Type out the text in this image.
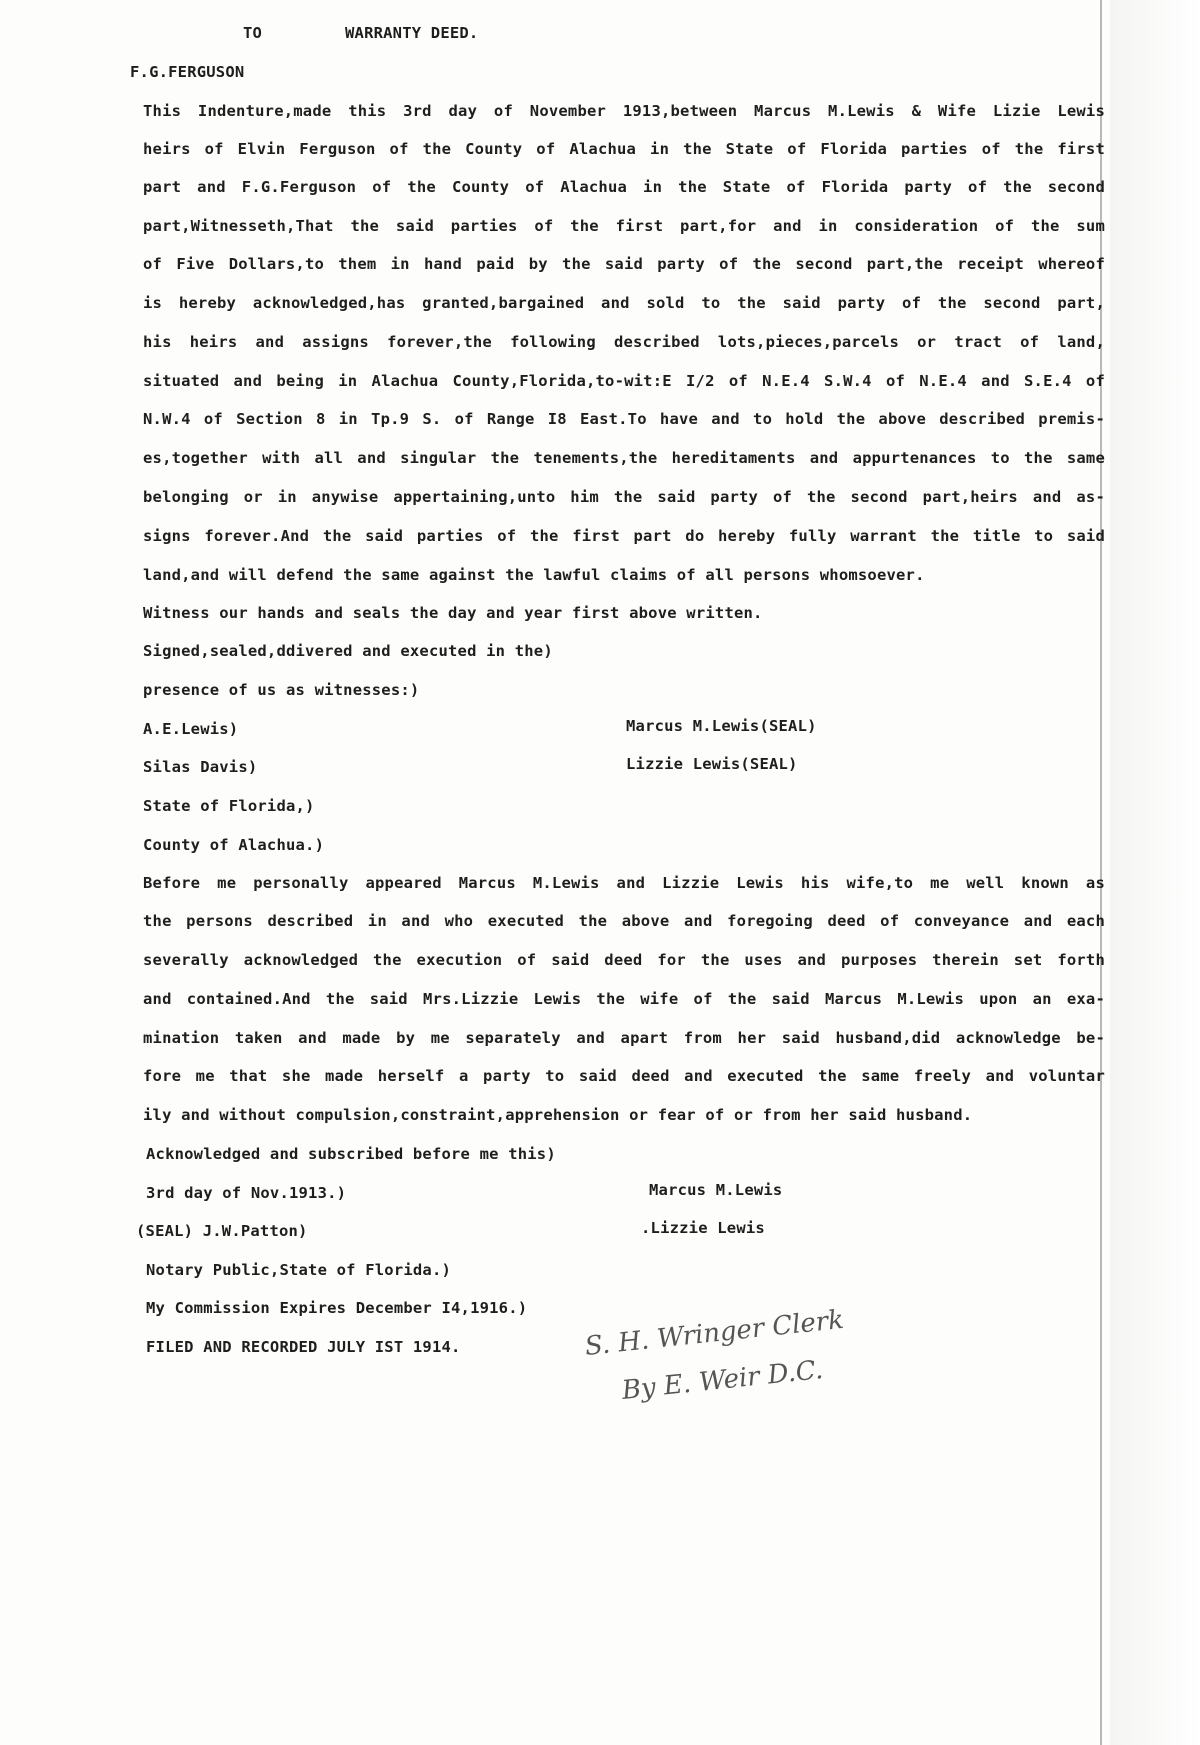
TO	WARRANTY DEED.
F.G.FERGUSON
This Indenture,made this 3rd day of November 1913,between Marcus M.Lewis & Wife Lizie Lewis
heirs of Elvin Ferguson of the County of Alachua in the State of Florida parties of the first
part and F.G.Ferguson of the County of Alachua in the State of Florida party of the second
part,Witnesseth,That the said parties of the first part,for and in consideration of the sum
of Five Dollars,to them in hand paid by the said party of the second part,the receipt whereof
is hereby acknowledged,has granted,bargained and sold to the said party of the second part,
his heirs and assigns forever,the following described lots,pieces,parcels or tract of land,
situated and being in Alachua County,Florida,to-wit:E I/2 of N.E.4 S.W.4 of N.E.4 and S.E.4 of
N.W.4 of Section 8 in Tp.9 S. of Range I8 East.To have and to hold the above described premis-
es,together with all and singular the tenements,the hereditaments and appurtenances to the same
belonging or in anywise appertaining,unto him the said party of the second part,heirs and as-
signs forever.And the said parties of the first part do hereby fully warrant the title to said
land,and will defend the same against the lawful claims of all persons whomsoever.
Witness our hands and seals the day and year first above written.
Signed,sealed,ddivered and executed in the)
presence of us as witnesses:)
A.E.Lewis)
Silas Davis)
Marcus M.Lewis(SEAL)
Lizzie Lewis(SEAL)
State of Florida,)
County of Alachua.)
Before me personally appeared Marcus M.Lewis and Lizzie Lewis his wife,to me well known as
the persons described in and who executed the above and foregoing deed of conveyance and each
severally acknowledged the execution of said deed for the uses and purposes therein set forth
and contained.And the said Mrs.Lizzie Lewis the wife of the said Marcus M.Lewis upon an exa-
mination taken and made by me separately and apart from her said husband,did acknowledge be-
fore me that she made herself a party to said deed and executed the same freely and voluntar
ily and without compulsion,constraint,apprehension or fear of or from her said husband.
Acknowledged and subscribed before me this)
3rd day of Nov.1913.)
(SEAL) J.W.Patton)
Notary Public,State of Florida.)
My Commission Expires December I4,1916.)
Marcus M.Lewis
.Lizzie Lewis
FILED AND RECORDED JULY IST 1914.	S. H. Wringer Clerk
By E. Weir D.C.
